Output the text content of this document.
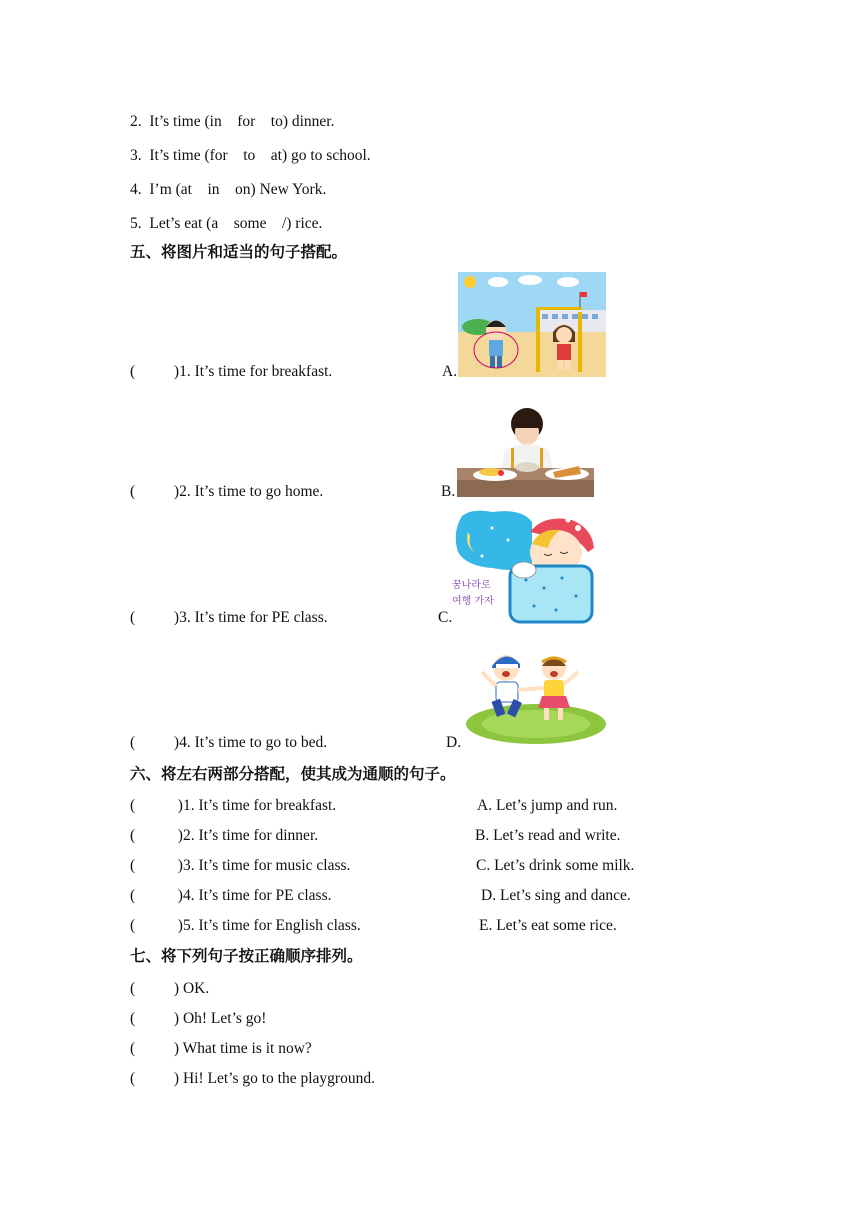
2.  It’s time (in    for    to) dinner.
3.  It’s time (for    to    at) go to school.
4.  I’m (at    in    on) New York.
5.  Let’s eat (a    some    /) rice.
五、将图片和适当的句子搭配。
(          )1. It’s time for breakfast.	A.
(          )2. It’s time to go home.	B.
(          )3. It’s time for PE class.	C.
(          )4. It’s time to go to bed.	D.
꿈나라로
여행 가자
六、将左右两部分搭配，使其成为通顺的句子。
(           )1. It’s time for breakfast.	A. Let’s jump and run.
(           )2. It’s time for dinner.	B. Let’s read and write.
(           )3. It’s time for music class.	C. Let’s drink some milk.
(           )4. It’s time for PE class.	D. Let’s sing and dance.
(           )5. It’s time for English class.	E. Let’s eat some rice.
七、将下列句子按正确顺序排列。
(          ) OK.
(          ) Oh! Let’s go!
(          ) What time is it now?
(          ) Hi! Let’s go to the playground.
